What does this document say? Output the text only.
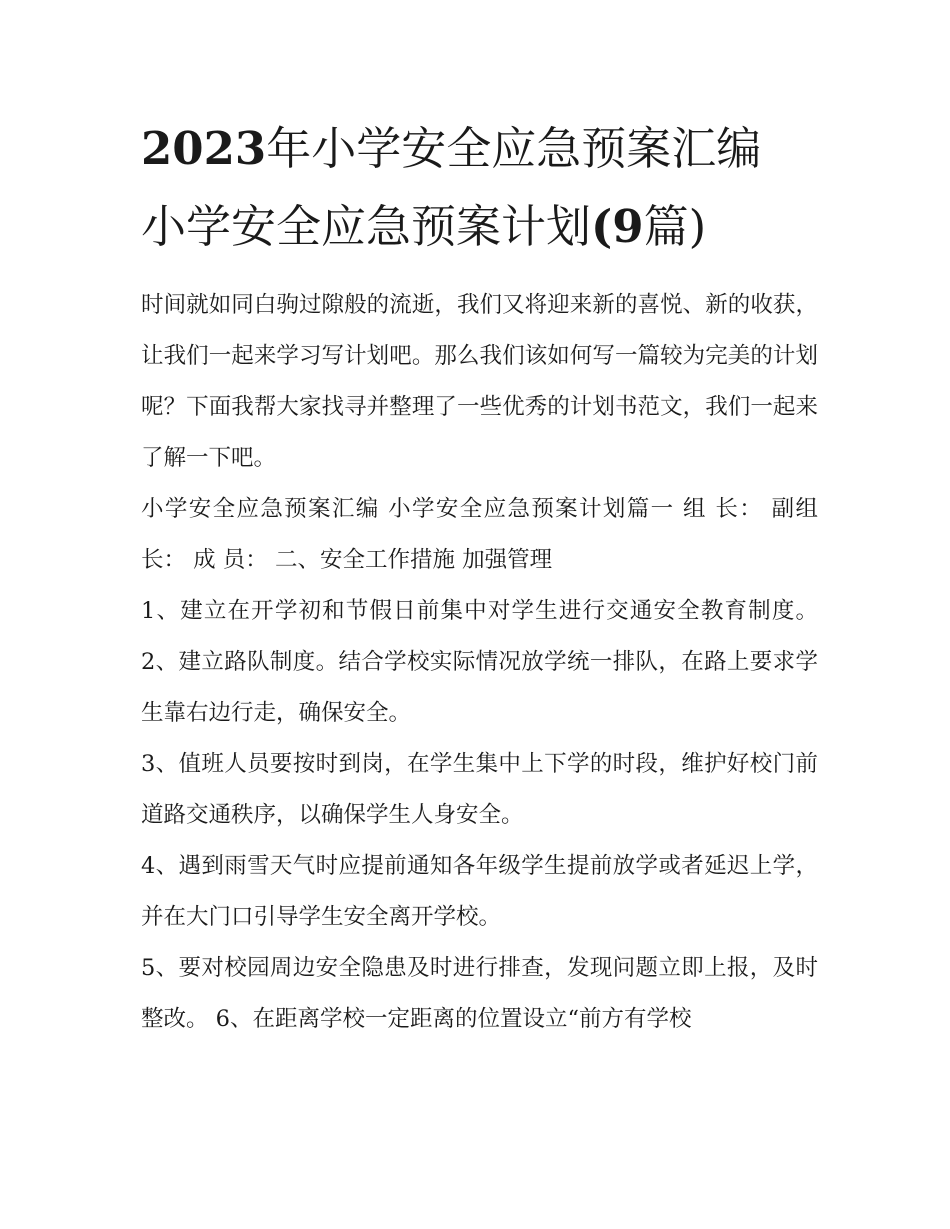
2023年小学安全应急预案汇编
小学安全应急预案计划(9篇)

时间就如同白驹过隙般的流逝，我们又将迎来新的喜悦、新的收获，让我们一起来学习写计划吧。那么我们该如何写一篇较为完美的计划呢？下面我帮大家找寻并整理了一些优秀的计划书范文，我们一起来了解一下吧。

小学安全应急预案汇编 小学安全应急预案计划篇一 组 长： 副组长： 成 员： 二、安全工作措施 加强管理

1、建立在开学初和节假日前集中对学生进行交通安全教育制度。 2、建立路队制度。结合学校实际情况放学统一排队，在路上要求学生靠右边行走，确保安全。

3、值班人员要按时到岗，在学生集中上下学的时段，维护好校门前道路交通秩序，以确保学生人身安全。

4、遇到雨雪天气时应提前通知各年级学生提前放学或者延迟上学，并在大门口引导学生安全离开学校。

5、要对校园周边安全隐患及时进行排查，发现问题立即上报，及时整改。 6、在距离学校一定距离的位置设立“前方有学校
